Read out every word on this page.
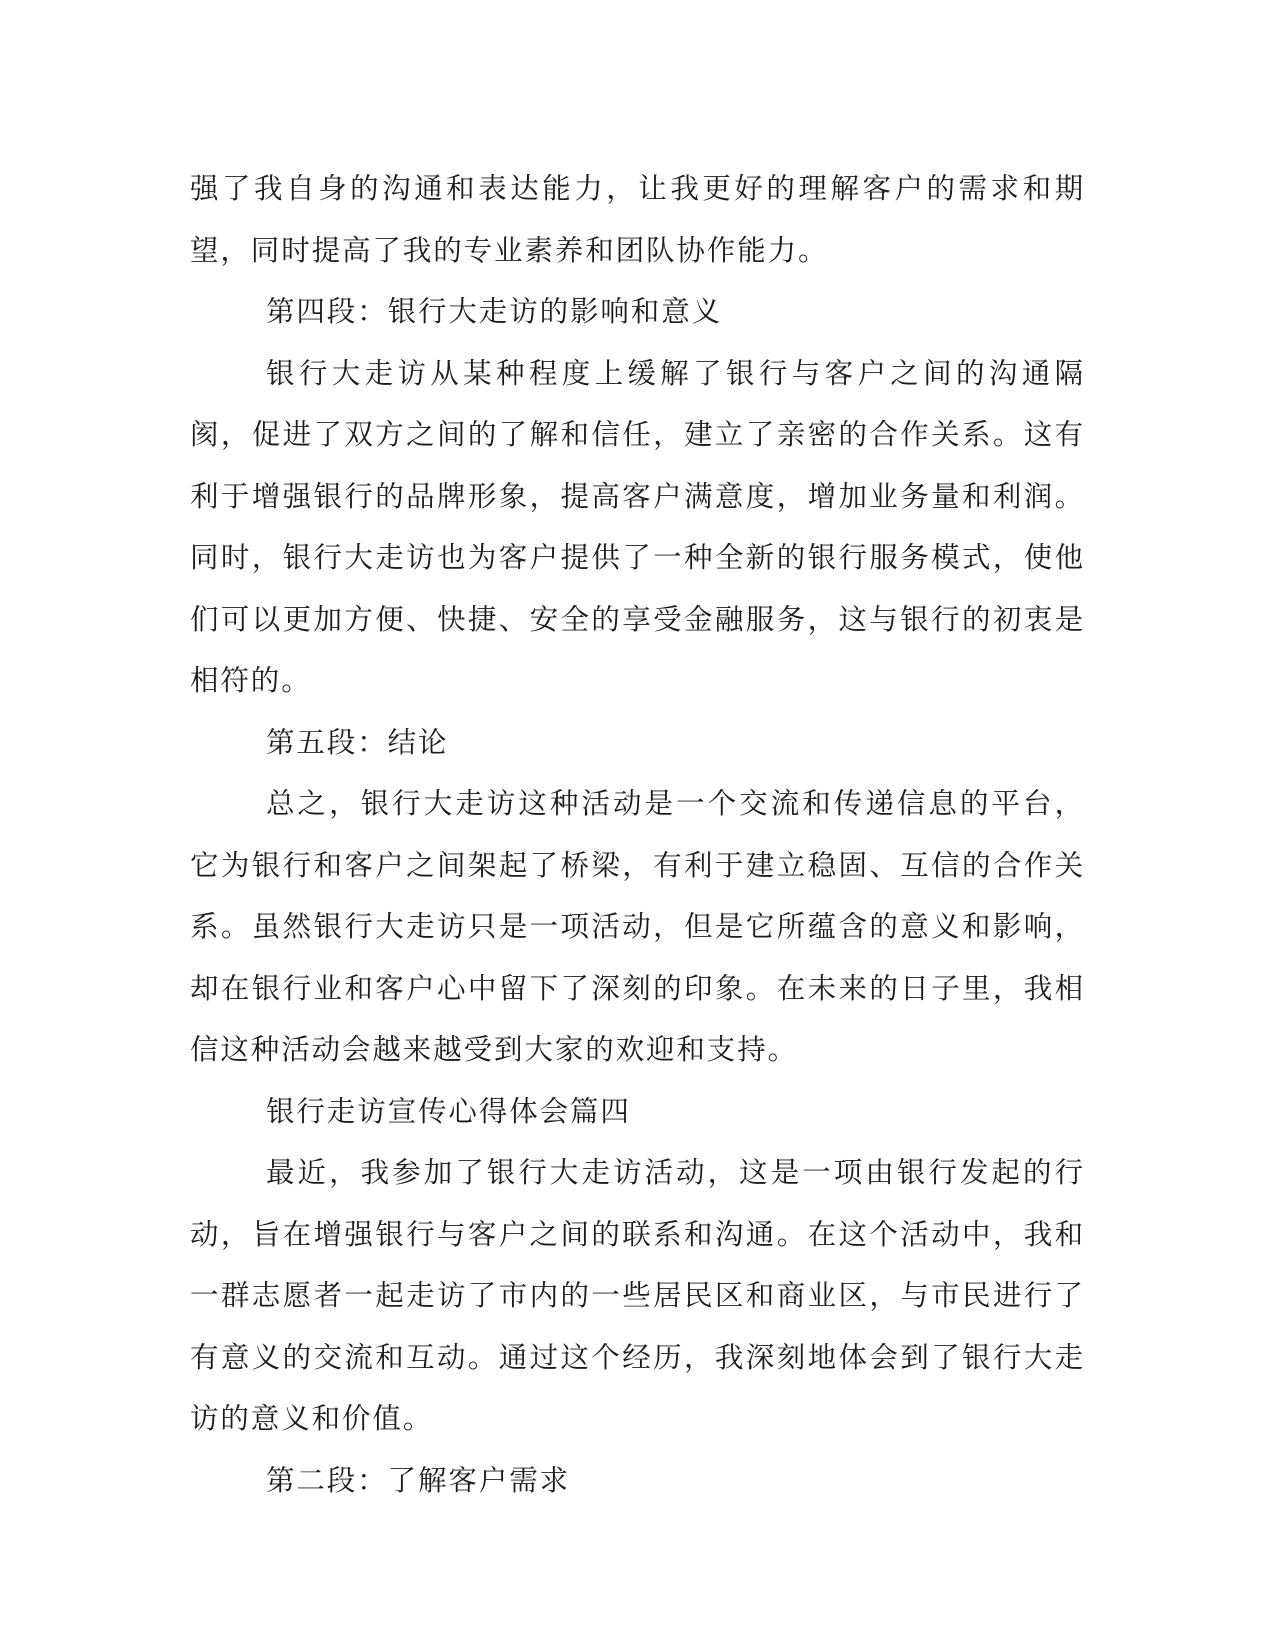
强了我自身的沟通和表达能力，让我更好的理解客户的需求和期望，同时提高了我的专业素养和团队协作能力。

第四段：银行大走访的影响和意义

银行大走访从某种程度上缓解了银行与客户之间的沟通隔阂，促进了双方之间的了解和信任，建立了亲密的合作关系。这有利于增强银行的品牌形象，提高客户满意度，增加业务量和利润。同时，银行大走访也为客户提供了一种全新的银行服务模式，使他们可以更加方便、快捷、安全的享受金融服务，这与银行的初衷是相符的。

第五段：结论

总之，银行大走访这种活动是一个交流和传递信息的平台，它为银行和客户之间架起了桥梁，有利于建立稳固、互信的合作关系。虽然银行大走访只是一项活动，但是它所蕴含的意义和影响，却在银行业和客户心中留下了深刻的印象。在未来的日子里，我相信这种活动会越来越受到大家的欢迎和支持。

银行走访宣传心得体会篇四

最近，我参加了银行大走访活动，这是一项由银行发起的行动，旨在增强银行与客户之间的联系和沟通。在这个活动中，我和一群志愿者一起走访了市内的一些居民区和商业区，与市民进行了有意义的交流和互动。通过这个经历，我深刻地体会到了银行大走访的意义和价值。

第二段：了解客户需求
